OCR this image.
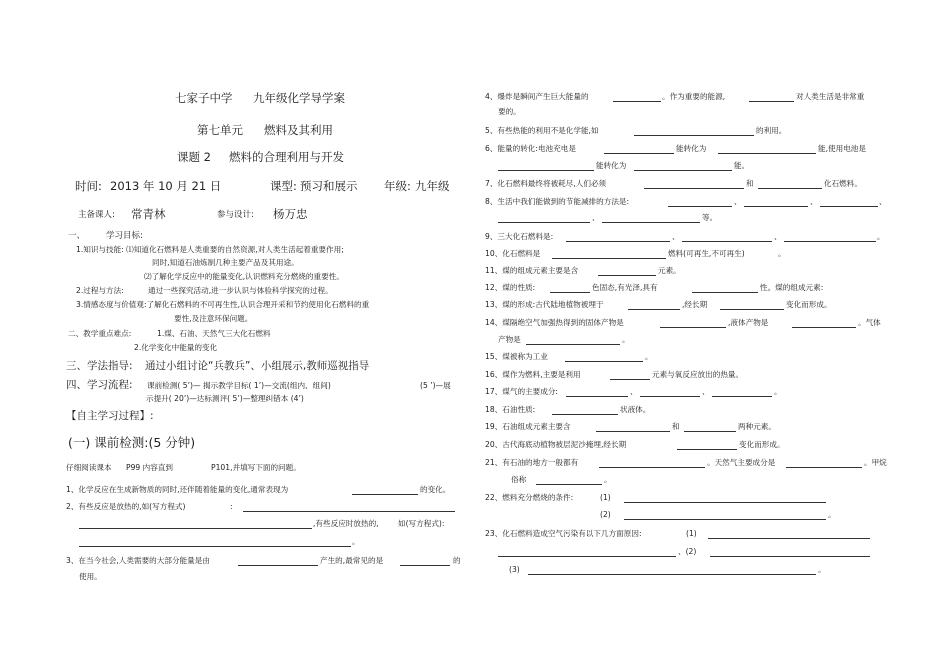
七家子中学 九年级化学导学案
第七单元 燃料及其利用
课题 2 燃料的合理利用与开发
时间: 2013 年 10 月 21 日	课型: 预习和展示 年级: 九年级
主备课人: 常青林	参与设计: 杨万忠
一、 学习目标:
1.知识与技能: ⑴知道化石燃料是人类重要的自然资源,对人类生活起着重要作用;
同时,知道石油炼制几种主要产品及其用途。
⑵了解化学反应中的能量变化,认识燃料充分燃烧的重要性。
2.过程与方法:	通过一些探究活动,进一步认识与体验科学探究的过程。
3.情感态度与价值观:了解化石燃料的不可再生性,认识合理开采和节约使用化石燃料的重
要性,及注意环保问题。
二、教学重点难点:	1.煤、石油、天然气三大化石燃料
2.化学变化中能量的变化
三、学法指导: 通过小组讨论“兵教兵”、小组展示,教师巡视指导
四、学习流程: 课前检测( 5’)— 揭示教学目标( 1’)—交流(组内、组间)	(5 ’)—展
示提升( 20’)—达标测评( 5’)—整理纠错本 (4’)
【自主学习过程】:
(一) 课前检测:(5 分钟)
仔细阅读课本 P99 内容直到	P101,并填写下面的问题。
1、化学反应在生成新物质的同时,还伴随着能量的变化,通常表现为	的变化。
2、有些反应是放热的,如(写方程式)	:
,有些反应时放热的,	如(写方程式):
。
3、在当今社会,人类需要的大部分能量是由	产生的,最常见的是	的
使用。
4、爆炸是瞬间产生巨大能量的	。作为重要的能源,	对人类生活是非常重
要的。
5、有些热能的利用不是化学能,如	的利用。
6、能量的转化:电池充电是	能转化为	能,使用电池是
能转化为	能。
7、化石燃料最终将被耗尽,人们必须	和	化石燃料。
8、生活中我们能做到的节能减排的方法是:	、	、	、
、	等。
9、三大化石燃料是:	、	、	。
10、化石燃料是	燃料(可再生,不可再生)	。
11、煤的组成元素主要是含	元素。
12、煤的性质:	色固态,有光泽,具有	性。煤的组成元素:
13、煤的形成:古代陆地植物被埋于	,经长期	变化而形成。
14、煤隔绝空气加强热得到的固体产物是	,液体产物是	。气体
产物是	。
15、煤被称为工业	。
16、煤作为燃料,主要是利用	元素与氧反应放出的热量。
17、煤气的主要成分:	、	、	。
18、石油性质:	状液体。
19、石油组成元素主要含	和	两种元素。
20、古代海底动植物被层泥沙掩埋,经长期	变化而形成。
21、有石油的地方一般都有	。天然气主要成分是	。甲烷
俗称	。
22、燃料充分燃烧的条件:	(1)
(2)	。
23、化石燃料造成空气污染有以下几方面原因:	(1)
、(2)
(3)	。
